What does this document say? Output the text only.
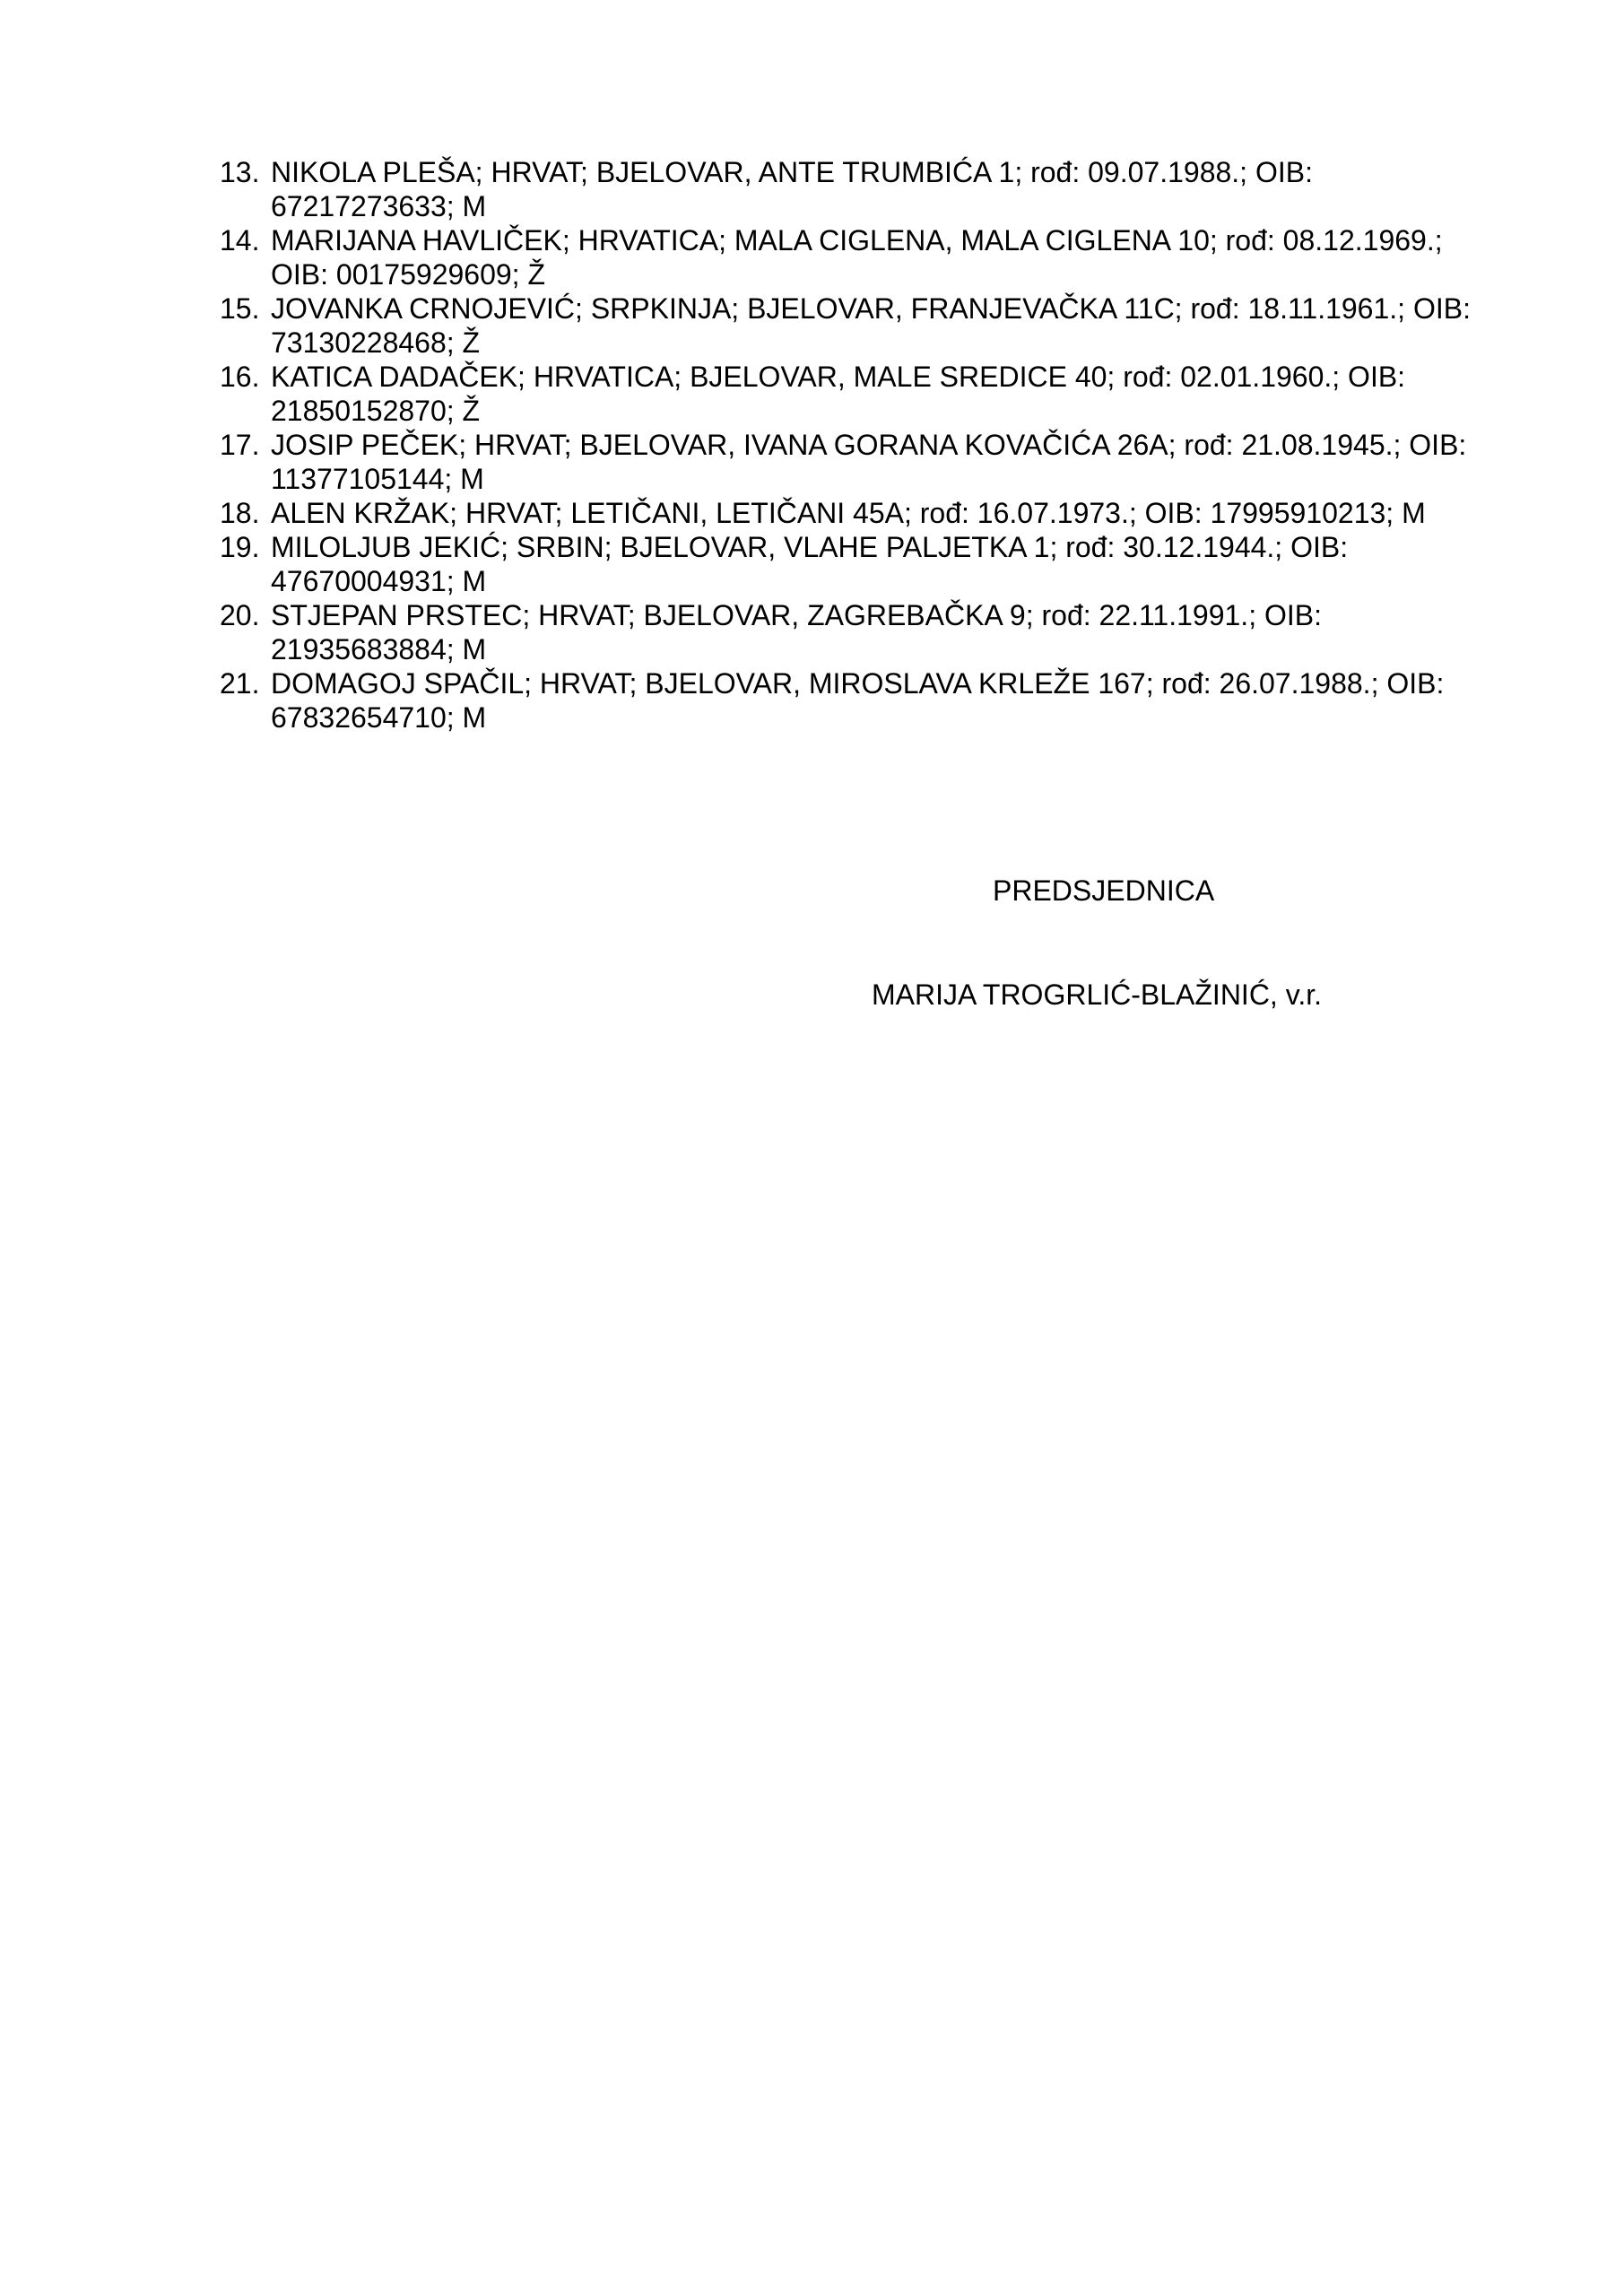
13. NIKOLA PLEŠA; HRVAT; BJELOVAR, ANTE TRUMBIĆA 1; rođ: 09.07.1988.; OIB: 67217273633; M
14. MARIJANA HAVLIČEK; HRVATICA; MALA CIGLENA, MALA CIGLENA 10; rođ: 08.12.1969.; OIB: 00175929609; Ž
15. JOVANKA CRNOJEVIĆ; SRPKINJA; BJELOVAR, FRANJEVAČKA 11C; rođ: 18.11.1961.; OIB: 73130228468; Ž
16. KATICA DADAČEK; HRVATICA; BJELOVAR, MALE SREDICE 40; rođ: 02.01.1960.; OIB: 21850152870; Ž
17. JOSIP PEČEK; HRVAT; BJELOVAR, IVANA GORANA KOVAČIĆA 26A; rođ: 21.08.1945.; OIB: 11377105144; M
18. ALEN KRŽAK; HRVAT; LETIČANI, LETIČANI 45A; rođ: 16.07.1973.; OIB: 17995910213; M
19. MILOLJUB JEKIĆ; SRBIN; BJELOVAR, VLAHE PALJETKA 1; rođ: 30.12.1944.; OIB: 47670004931; M
20. STJEPAN PRSTEC; HRVAT; BJELOVAR, ZAGREBAČKA 9; rođ: 22.11.1991.; OIB: 21935683884; M
21. DOMAGOJ SPAČIL; HRVAT; BJELOVAR, MIROSLAVA KRLEŽE 167; rođ: 26.07.1988.; OIB: 67832654710; M
PREDSJEDNICA
MARIJA TROGRLIĆ-BLAŽINIĆ, v.r.
